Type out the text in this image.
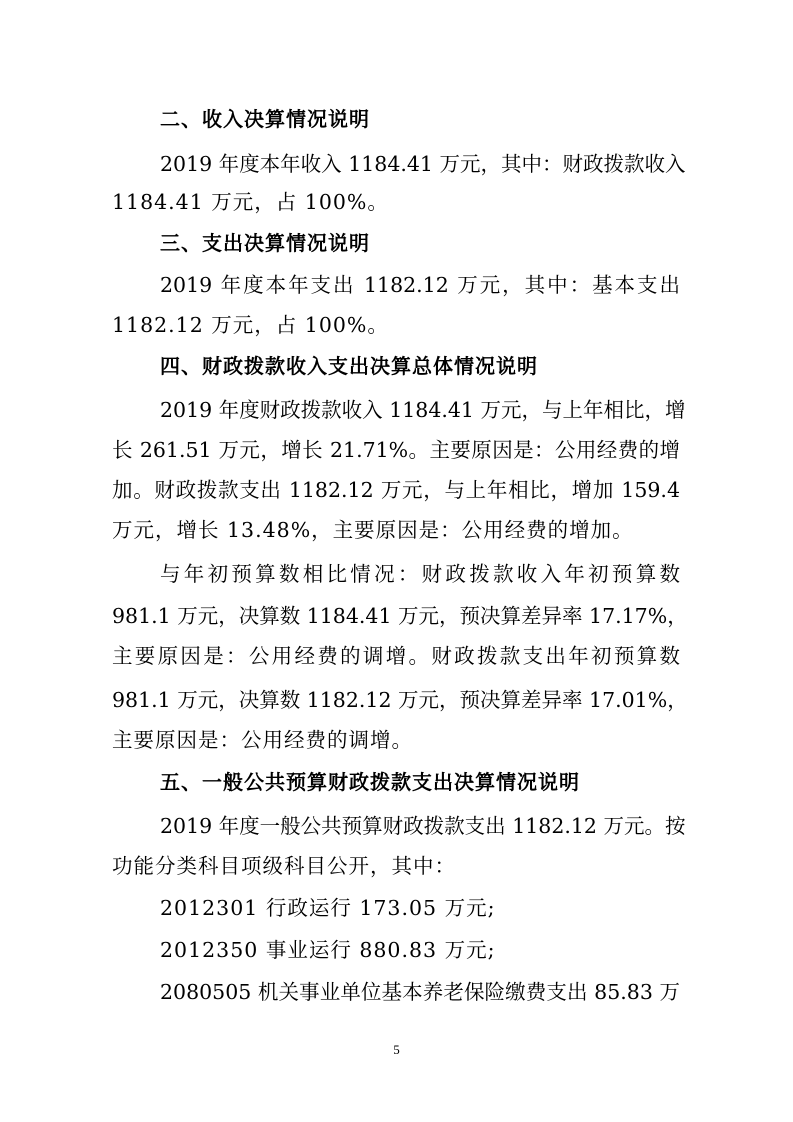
二、收入决算情况说明
2019 年度本年收入 1184.41 万元，其中：财政拨款收入
1184.41 万元，占 100%。
三、支出决算情况说明
2019 年度本年支出 1182.12 万元，其中：基本支出
1182.12 万元，占 100%。
四、财政拨款收入支出决算总体情况说明
2019 年度财政拨款收入 1184.41 万元，与上年相比，增
长 261.51 万元，增长 21.71%。主要原因是：公用经费的增
加。财政拨款支出 1182.12 万元，与上年相比，增加 159.4
万元，增长 13.48%，主要原因是：公用经费的增加。
与年初预算数相比情况：财政拨款收入年初预算数
981.1 万元，决算数 1184.41 万元，预决算差异率 17.17%，
主要原因是：公用经费的调增。财政拨款支出年初预算数
981.1 万元，决算数 1182.12 万元，预决算差异率 17.01%，
主要原因是：公用经费的调增。
五、一般公共预算财政拨款支出决算情况说明
2019 年度一般公共预算财政拨款支出 1182.12 万元。按
功能分类科目项级科目公开，其中：
2012301 行政运行 173.05 万元;
2012350 事业运行 880.83 万元;
2080505 机关事业单位基本养老保险缴费支出 85.83 万
5
